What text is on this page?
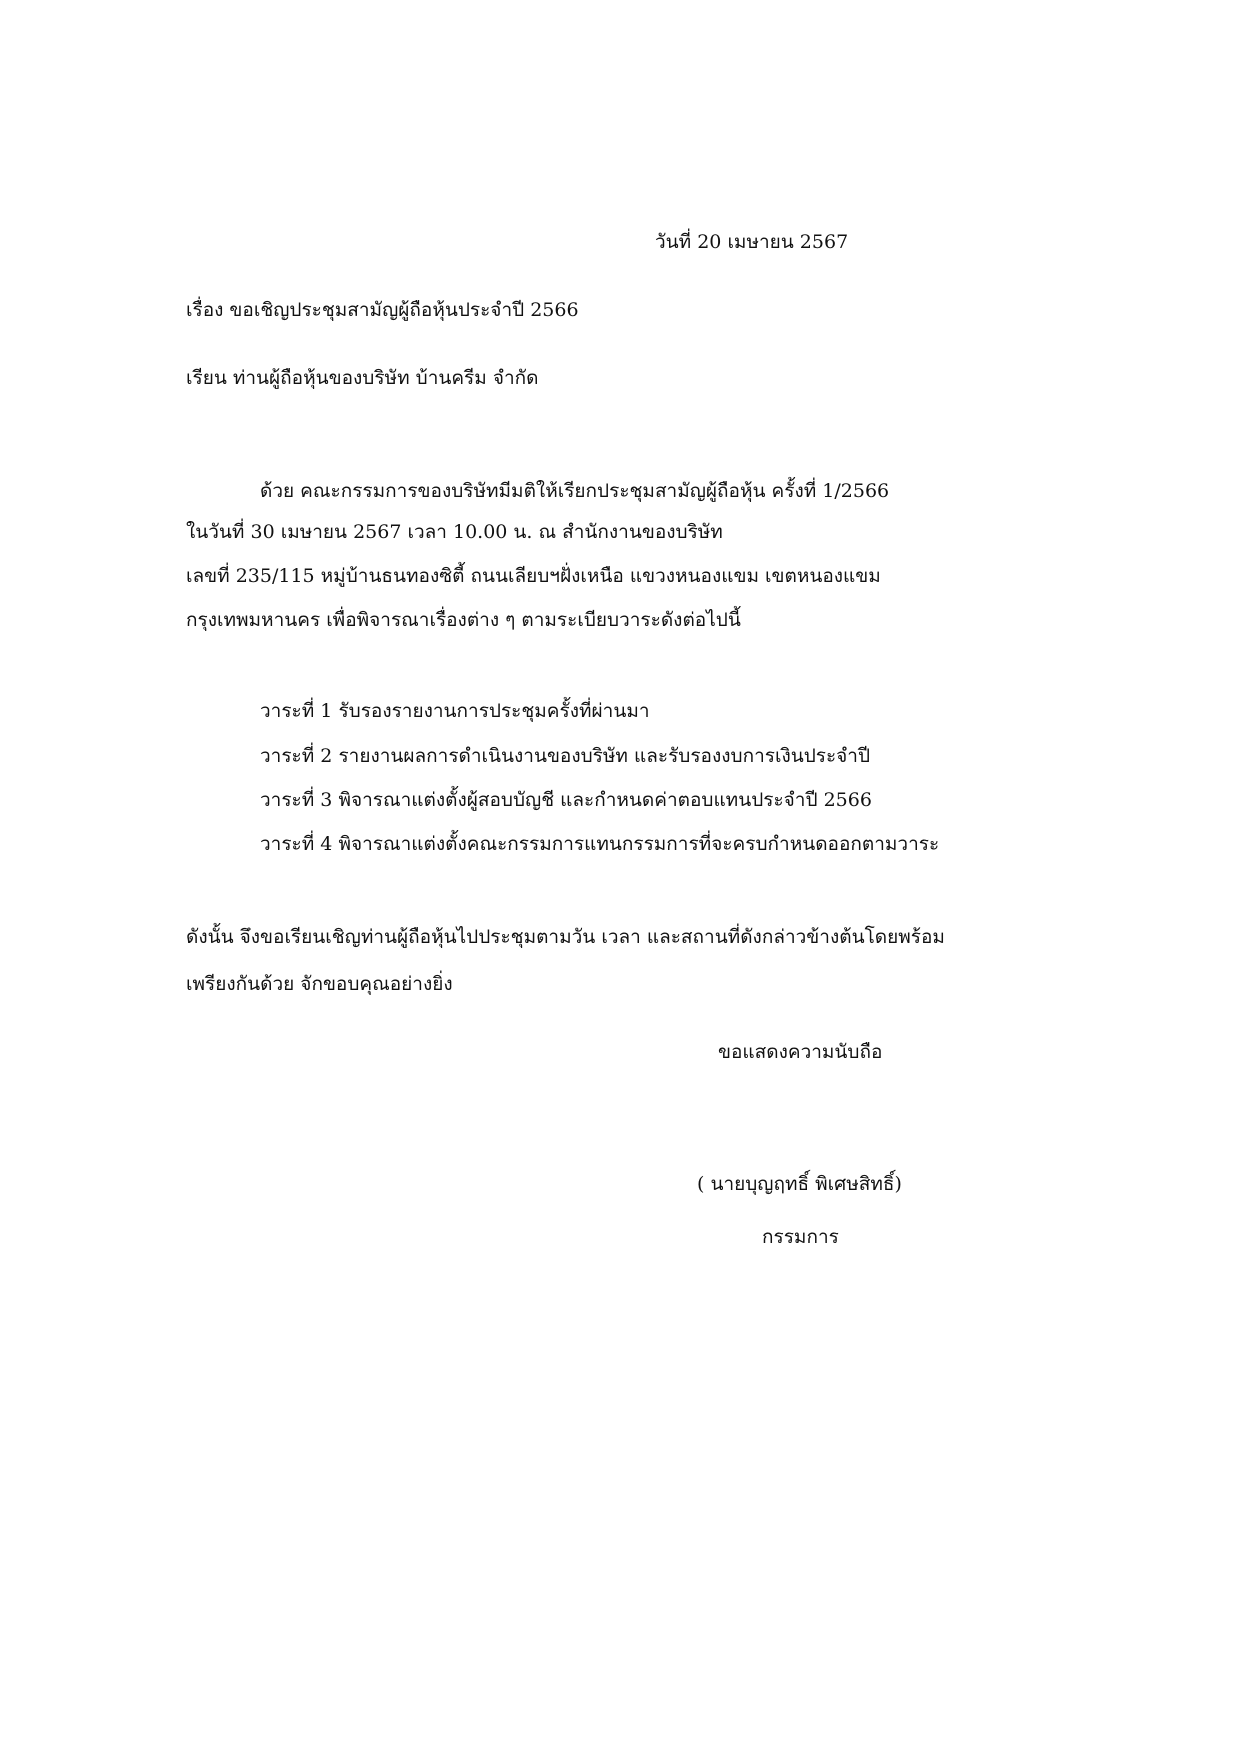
วันที่ 20 เมษายน 2567
เรื่อง ขอเชิญประชุมสามัญผู้ถือหุ้นประจำปี 2566
เรียน ท่านผู้ถือหุ้นของบริษัท บ้านครีม จำกัด
ด้วย คณะกรรมการของบริษัทมีมติให้เรียกประชุมสามัญผู้ถือหุ้น ครั้งที่ 1/2566
ในวันที่ 30 เมษายน 2567 เวลา 10.00 น. ณ สำนักงานของบริษัท
เลขที่ 235/115 หมู่บ้านธนทองซิตี้ ถนนเลียบฯฝั่งเหนือ แขวงหนองแขม เขตหนองแขม
กรุงเทพมหานคร เพื่อพิจารณาเรื่องต่าง ๆ ตามระเบียบวาระดังต่อไปนี้
วาระที่ 1 รับรองรายงานการประชุมครั้งที่ผ่านมา
วาระที่ 2 รายงานผลการดำเนินงานของบริษัท และรับรองงบการเงินประจำปี
วาระที่ 3 พิจารณาแต่งตั้งผู้สอบบัญชี และกำหนดค่าตอบแทนประจำปี 2566
วาระที่ 4 พิจารณาแต่งตั้งคณะกรรมการแทนกรรมการที่จะครบกำหนดออกตามวาระ
ดังนั้น จึงขอเรียนเชิญท่านผู้ถือหุ้นไปประชุมตามวัน เวลา และสถานที่ดังกล่าวข้างต้นโดยพร้อม
เพรียงกันด้วย จักขอบคุณอย่างยิ่ง
ขอแสดงความนับถือ
( นายบุญฤทธิ์ พิเศษสิทธิ์)
กรรมการ
